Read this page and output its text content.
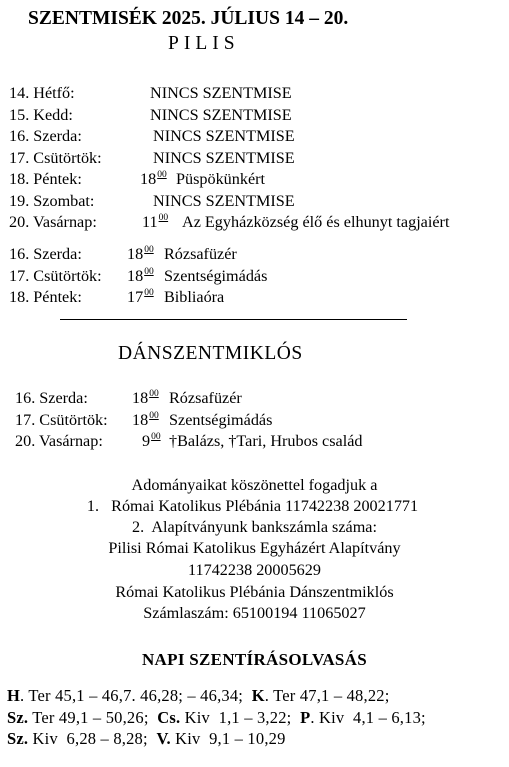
SZENTMISÉK 2025. JÚLIUS 14 – 20.
PILIS
14. Hétfő:	NINCS SZENTMISE
15. Kedd:	NINCS SZENTMISE
16. Szerda:	NINCS SZENTMISE
17. Csütörtök:	NINCS SZENTMISE
18. Péntek:	$18^{00}$ Püspökünkért
19. Szombat:	NINCS SZENTMISE
20. Vasárnap:	$11^{00}$ Az Egyházközség élő és elhunyt tagjaiért
16. Szerda:	$18^{00}$ Rózsafüzér
17. Csütörtök: $18^{00}$ Szentségimádás
18. Péntek:	$17^{00}$ Bibliaóra
DÁNSZENTMIKLÓS
16. Szerda:	$18^{00}$ Rózsafüzér
17. Csütörtök: $18^{00}$ Szentségimádás
20. Vasárnap: $9^{00}$ †Balázs, †Tari, Hrubos család
Adományaikat köszönettel fogadjuk a
1.   Római Katolikus Plébánia 11742238 20021771
2.  Alapítványunk bankszámla száma:
Pilisi Római Katolikus Egyházért Alapítvány
11742238 20005629
Római Katolikus Plébánia Dánszentmiklós
Számlaszám: 65100194 11065027
NAPI SZENTÍRÁSOLVASÁS
H. Ter 45,1 – 46,7. 46,28; – 46,34;  K. Ter 47,1 – 48,22;
Sz. Ter 49,1 – 50,26;  Cs. Kiv  1,1 – 3,22;  P. Kiv  4,1 – 6,13;
Sz. Kiv  6,28 – 8,28;  V. Kiv  9,1 – 10,29
